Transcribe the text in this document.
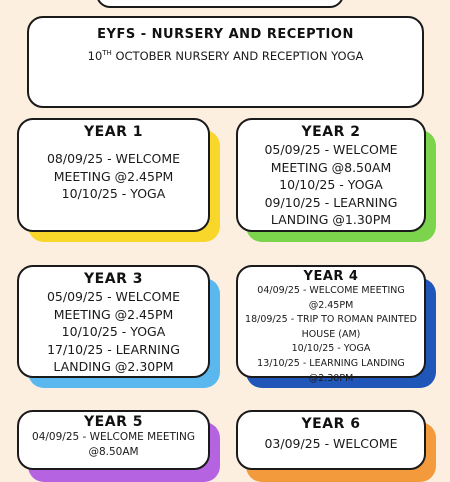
EYFS - NURSERY AND RECEPTION
10TH OCTOBER NURSERY AND RECEPTION YOGA
YEAR 1
08/09/25 - WELCOME
MEETING @2.45PM
10/10/25 - YOGA
YEAR 2
05/09/25 - WELCOME
MEETING @8.50AM
10/10/25 - YOGA
09/10/25 - LEARNING
LANDING @1.30PM
YEAR 3
05/09/25 - WELCOME
MEETING @2.45PM
10/10/25 - YOGA
17/10/25 - LEARNING
LANDING @2.30PM
YEAR 4
04/09/25 - WELCOME MEETING
@2.45PM
18/09/25 - TRIP TO ROMAN PAINTED
HOUSE (AM)
10/10/25 - YOGA
13/10/25 - LEARNING LANDING
@2.30PM
YEAR 5
04/09/25 - WELCOME MEETING
@8.50AM
YEAR 6
03/09/25 - WELCOME
